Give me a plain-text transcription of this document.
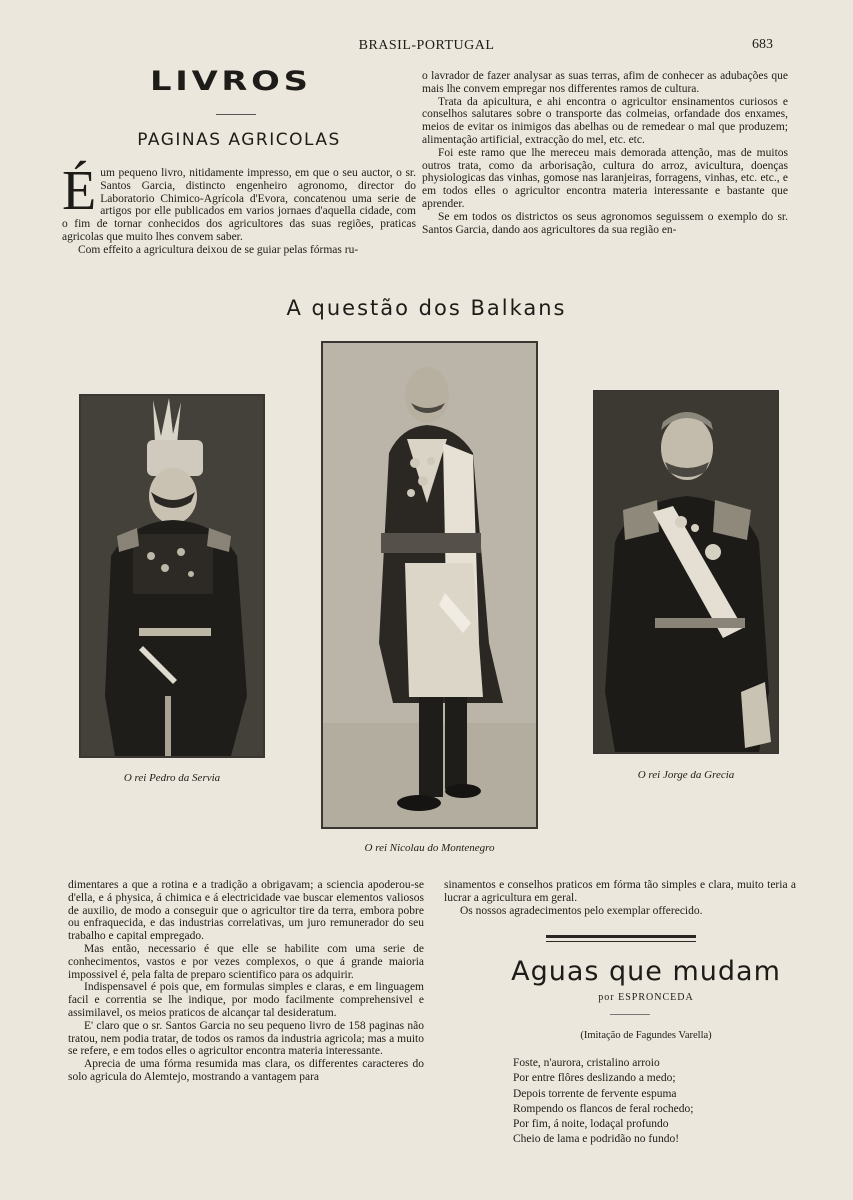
BRASIL-PORTUGAL	683
LIVROS
PAGINAS AGRICOLAS

Éum pequeno livro, nitidamente impresso, em que o seu auctor, o sr. Santos Garcia, distincto engenheiro agronomo, director do Laboratorio Chimico-Agrícola d'Evora, concatenou uma serie de artigos por elle publicados em varios jornaes d'aquella cidade, com o fim de tornar conhecidos dos agricultores das suas regiões, praticas agricolas que muito lhes convem saber.

Com effeito a agricultura deixou de se guiar pelas fórmas ru-

o lavrador de fazer analysar as suas terras, afim de conhecer as adubações que mais lhe convem empregar nos differentes ramos de cultura.

Trata da apicultura, e ahi encontra o agricultor ensinamentos curiosos e conselhos salutares sobre o transporte das colmeias, orfandade dos enxames, meios de evitar os inimigos das abelhas ou de remedear o mal que produzem; alimentação artificial, extracção do mel, etc. etc.

Foi este ramo que lhe mereceu mais demorada attenção, mas de muitos outros trata, como da arborisação, cultura do arroz, avicultura, doenças physiologicas das vinhas, gomose nas laranjeiras, forragens, vinhas, etc. etc., e em todos elles o agricultor encontra materia interessante e bastante que aprender.

Se em todos os districtos os seus agronomos seguissem o exemplo do sr. Santos Garcia, dando aos agricultores da sua região en-

A questão dos Balkans
O rei Pedro da Servia
O rei Nicolau do Montenegro
O rei Jorge da Grecia

dimentares a que a rotina e a tradição a obrigavam; a sciencia apoderou-se d'ella, e á physica, á chimica e á electricidade vae buscar elementos valiosos de auxilio, de modo a conseguir que o agricultor tire da terra, embora pobre ou enfraquecida, e das industrias correlativas, um juro remunerador do seu trabalho e capital empregado.

Mas então, necessario é que elle se habilite com uma serie de conhecimentos, vastos e por vezes complexos, o que á grande maioria impossivel é, pela falta de preparo scientifico para os adquirir.

Indispensavel é pois que, em formulas simples e claras, e em linguagem facil e correntia se lhe indique, por modo facilmente comprehensivel e assimilavel, os meios praticos de alcançar tal desideratum.

E' claro que o sr. Santos Garcia no seu pequeno livro de 158 paginas não tratou, nem podia tratar, de todos os ramos da industria agricola; mas a muito se refere, e em todos elles o agricultor encontra materia interessante.

Aprecia de uma fórma resumida mas clara, os differentes caracteres do solo agricula do Alemtejo, mostrando a vantagem para

sinamentos e conselhos praticos em fórma tão simples e clara, muito teria a lucrar a agricultura em geral.

Os nossos agradecimentos pelo exemplar offerecido.

Aguas que mudam
por ESPRONCEDA
(Imitação de Fagundes Varella)
Foste, n'aurora, cristalino arroio
Por entre flôres deslizando a medo;
Depois torrente de fervente espuma
Rompendo os flancos de feral rochedo;
Por fim, á noite, lodaçal profundo
Cheio de lama e podridão no fundo!
